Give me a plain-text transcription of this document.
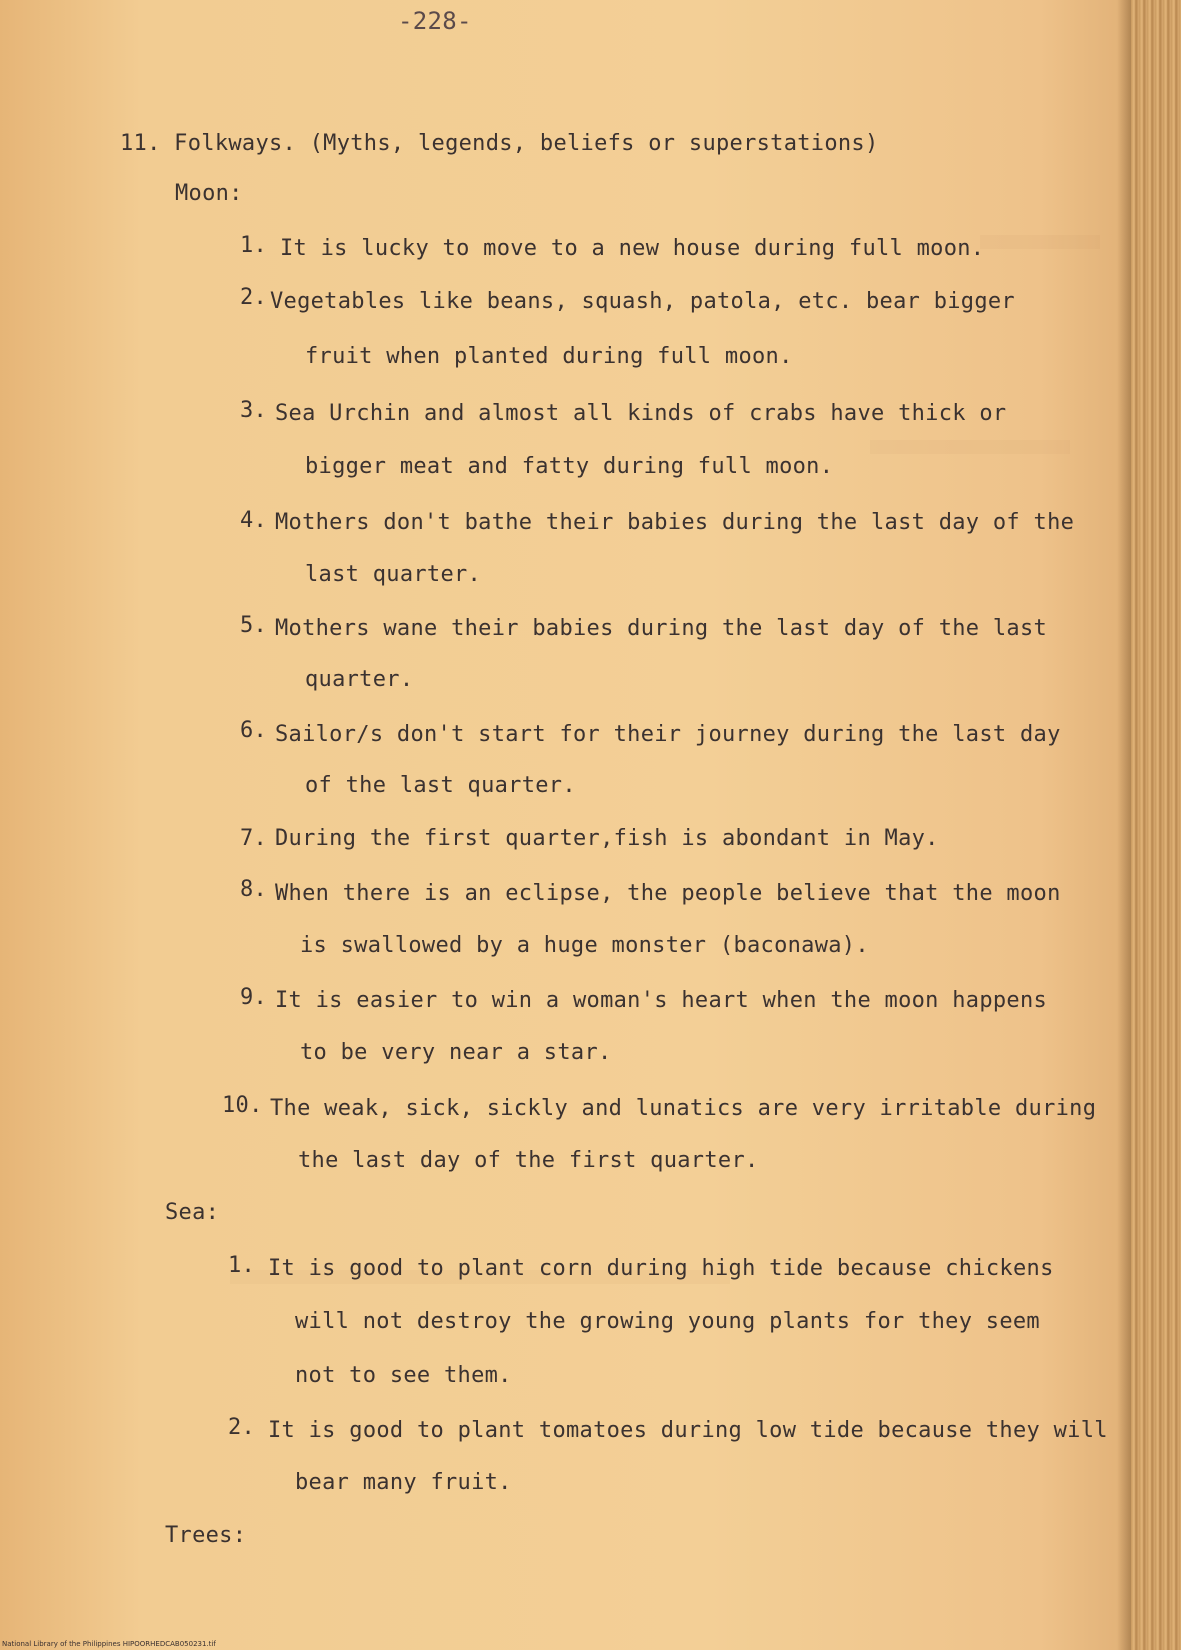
-228-
11. Folkways. (Myths, legends, beliefs or superstations)
Moon:
1. It is lucky to move to a new house during full moon.
2. Vegetables like beans, squash, patola, etc. bear bigger
fruit when planted during full moon.
3. Sea Urchin and almost all kinds of crabs have thick or
bigger meat and fatty during full moon.
4. Mothers don't bathe their babies during the last day of the
last quarter.
5. Mothers wane their babies during the last day of the last
quarter.
6. Sailor∕s don't start for their journey during the last day
of the last quarter.
7. During the first quarter,fish is abondant in May.
8. When there is an eclipse, the people believe that the moon
is swallowed by a huge monster (baconawa).
9. It is easier to win a woman's heart when the moon happens
to be very near a star.
10. The weak, sick, sickly and lunatics are very irritable during
the last day of the first quarter.
Sea:
1. It is good to plant corn during high tide because chickens
will not destroy the growing young plants for they seem
not to see them.
2. It is good to plant tomatoes during low tide because they will
bear many fruit.
Trees:
National Library of the Philippines HIPOORHEDCAB050231.tif
